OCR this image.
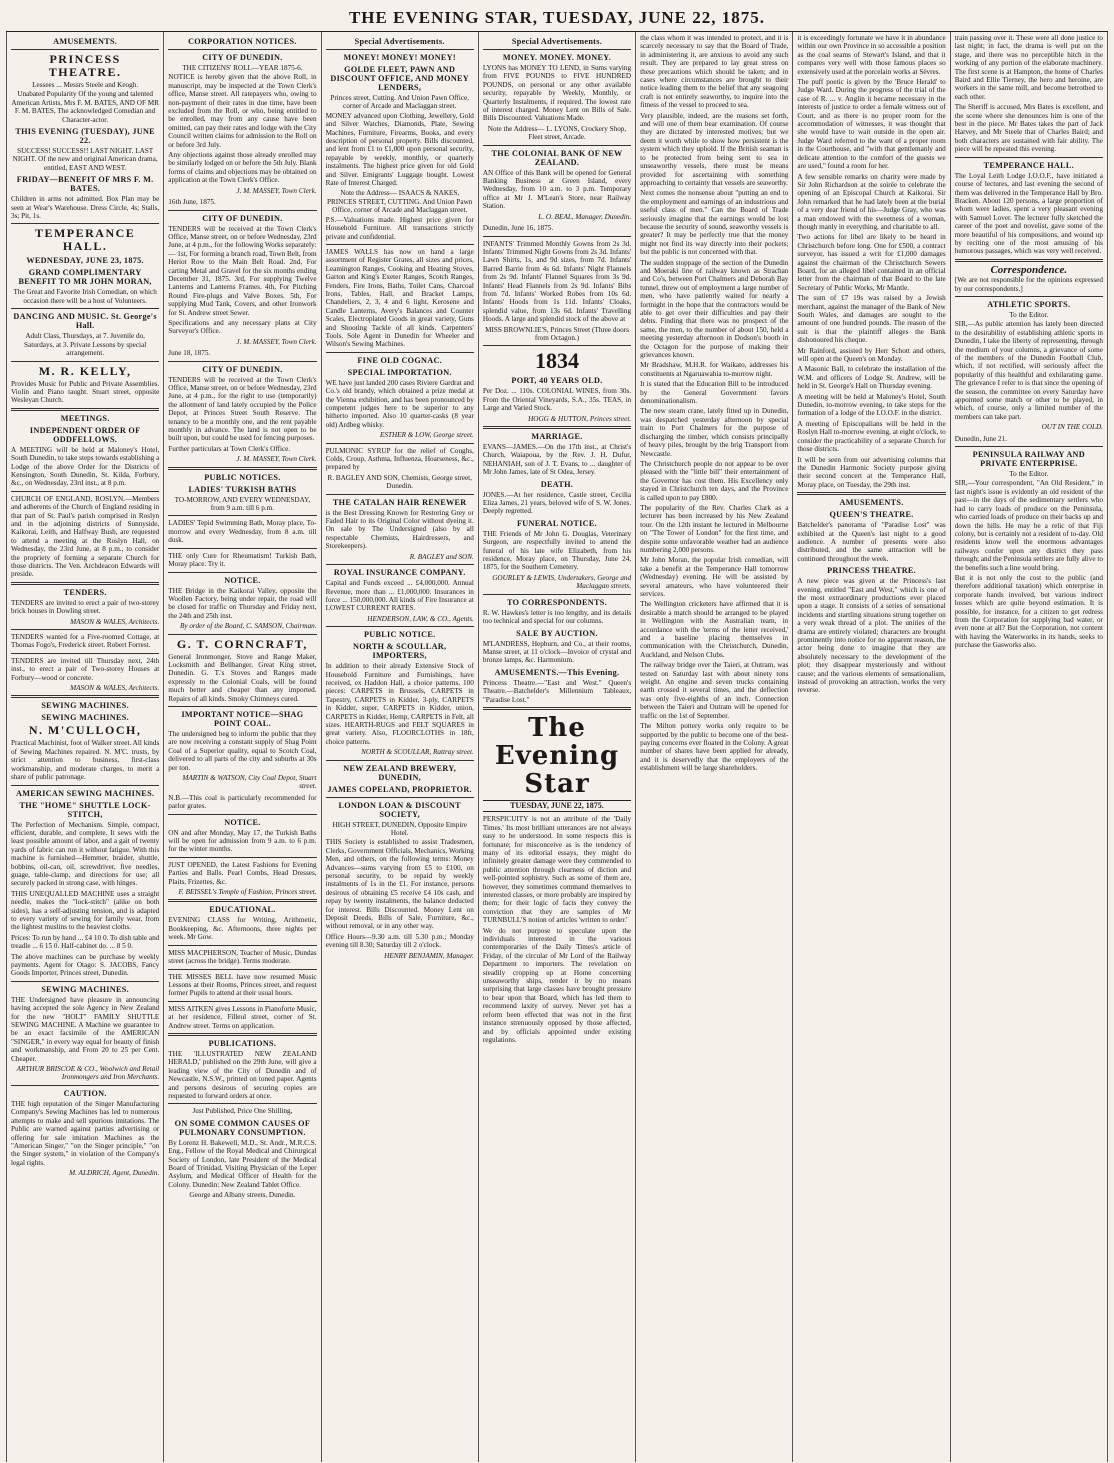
THE EVENING STAR, TUESDAY, JUNE 22, 1875.
AMUSEMENTS.
PRINCESS THEATRE.
Lessees ... Messrs Steele and Keogh.
Unabated Popularity Of the young and talented American Artists, Mrs F. M. BATES, AND OF MR F. M. BATES, The acknowledged Comedian and Character-actor.
THIS EVENING (TUESDAY), JUNE 22.
SUCCESS! SUCCESS!! LAST NIGHT. LAST NIGHT. Of the new and original American drama, entitled, EAST AND WEST.
FRIDAY—BENEFIT OF MRS F. M. BATES.

Children in arms not admitted. Box Plan may be seen at Wear's Warehouse. Dress Circle, 4s; Stalls, 3s; Pit, 1s.

TEMPERANCE HALL.
WEDNESDAY, JUNE 23, 1875.
GRAND COMPLIMENTARY BENEFIT TO MR JOHN MORAN,
The Great and Favorite Irish Comedian, on which occasion there will be a host of Volunteers.
DANCING AND MUSIC. St. George's Hall.
Adult Class, Thursdays, at 7. Juvenile do, Saturdays, at 3. Private Lessons by special arrangement.
M. R. KELLY,

Provides Music for Public and Private Assemblies. Violin and Piano taught. Stuart street, opposite Wesleyan Church.

MEETINGS.
INDEPENDENT ORDER OF ODDFELLOWS.

A MEETING will be held at Maloney's Hotel, South Dunedin, to take steps towards establishing a Lodge of the above Order for the Districts of Kensington, South Dunedin, St. Kilda, Forbury, &c., on Wednesday, 23rd inst., at 8 p.m.

CHURCH OF ENGLAND, ROSLYN.—Members and adherents of the Church of England residing in that part of St. Paul's parish comprised in Roslyn and in the adjoining districts of Sunnyside, Kaikorai, Leith, and Halfway Bush, are requested to attend a meeting at the Roslyn Hall, on Wednesday, the 23rd June, at 8 p.m., to consider the propriety of forming a separate Church for those districts. The Ven. Archdeacon Edwards will preside.

TENDERS.

TENDERS are invited to erect a pair of two-storey brick houses in Dowling street.

MASON & WALES, Architects.

TENDERS wanted for a Five-roomed Cottage, at Thomas Fogo's, Frederick street. Robert Forrest.

TENDERS are invited till Thursday next, 24th inst., to erect a pair of Two-storey Houses at Forbury—wood or concrete.

MASON & WALES, Architects.
SEWING MACHINES.
SEWING MACHINES.
N. M'CULLOCH,

Practical Machinist, foot of Walker street. All kinds of Sewing Machines repaired. N. M'C. trusts, by strict attention to business, first-class workmanship, and moderate charges, to merit a share of public patronage.

AMERICAN SEWING MACHINES.
THE "HOME" SHUTTLE LOCK-STITCH,

The Perfection of Mechanism. Simple, compact, efficient, durable, and complete. It sews with the least possible amount of labor, and a gait of twenty yards of fabric can run it without fatigue. With this machine is furnished—Hemmer, braider, shuttle, bobbins, oil-can, oil, screwdriver, five needles, guage, table-clamp, and directions for use; all securely packed in strong case, with hinges.

THIS UNEQUALLED MACHINE uses a straight needle, makes the "lock-stitch" (alike on both sides), has a self-adjusting tension, and is adapted to every variety of sewing for family wear, from the lightest muslins to the heaviest cloths.

Prices: To run by hand ... £4 10 0. To dish table and treadle ... 6 15 0. Half-cabinet do. ... 8 5 0.

The above machines can be purchase by weekly payments. Agent for Otago: S. JACOBS, Fancy Goods Importer, Princes street, Dunedin.

SEWING MACHINES.

THE Undersigned have pleasure in announcing having accepted the sole Agency in New Zealand for the new "HOLT" FAMILY SHUTTLE SEWING MACHINE. A Machine we guarantee to be an exact facsimile of the AMERICAN "SINGER," in every way equal for beauty of finish and workmanship, and From 20 to 25 per Cent. Cheaper.

ARTHUR BRISCOE & CO., Woolwich and Retail Ironmongers and Iron Merchants.
CAUTION.

THE high reputation of the Singer Manufacturing Company's Sewing Machines has led to numerous attempts to make and sell spurious imitations. The Public are warned against parties advertising or offering for sale imitation Machines as the "American Singer," "on the Singer principle," "on the Singer system," in violation of the Company's legal rights.

M. ALDRICH, Agent, Dunedin.
CORPORATION NOTICES.
CITY OF DUNEDIN.
THE CITIZENS' ROLL—YEAR 1875-6.

NOTICE is hereby given that the above Roll, in manuscript, may be inspected at the Town Clerk's office, Manse street. All ratepayers who, owing to non-payment of their rates in due time, have been excluded from the Roll, or who, being entitled to be enrolled, may from any cause have been omitted, can pay their rates and lodge with the City Council written claims for admission to the Roll on or before 3rd July.

Any objections against those already enrolled may be similarly lodged on or before the 5th July. Blank forms of claims and objections may be obtained on application at the Town Clerk's Office.

J. M. MASSEY, Town Clerk.

16th June, 1875.

CITY OF DUNEDIN.

TENDERS will be received at the Town Clerk's Office, Manse street, on or before Wednesday, 23rd June, at 4 p.m., for the following Works separately:— 1st, For forming a branch road, Town Belt, from Heriot Row to the Main Belt Road. 2nd, For carting Metal and Gravel for the six months ending December 31, 1875. 3rd, For supplying Twelve Lanterns and Lanterns Frames. 4th, For Pitching Round Fire-plugs and Valve Boxes. 5th, For supplying Mud Tank, Covers, and other Ironwork for St. Andrew street Sewer.

Specifications and any necessary plans at City Surveyor's Office.

J. M. MASSEY, Town Clerk.

June 18, 1875.

CITY OF DUNEDIN.

TENDERS will be received at the Town Clerk's Office, Manse street, on or before Wednesday, 23rd June, at 4 p.m., for the right to use (temporarily) the allotment of land lately occupied by the Police Depot, at Princes Street South Reserve. The tenancy to be a monthly one, and the rent payable monthly in advance. The land is not open to be built upon, but could be used for fencing purposes.

Further particulars at Town Clerk's Office.

J. M. MASSEY, Town Clerk.
PUBLIC NOTICES.
LADIES' TURKISH BATHS
TO-MORROW, AND EVERY WEDNESDAY, from 9 a.m. till 6 p.m.

LADIES' Tepid Swimming Bath, Moray place, To-morrow and every Wednesday, from 8 a.m. till dusk.

THE only Cure for Rheumatism! Turkish Bath, Moray place. Try it.

NOTICE.

THE Bridge in the Kaikorai Valley, opposite the Woollen Factory, being under repair, the road will be closed for traffic on Thursday and Friday next, the 24th and 25th inst.

By order of the Board, C. SAMSON, Chairman.
G. T. CORNCRAFT,

General Ironmonger, Stove and Range Maker, Locksmith and Bellhanger, Great King street, Dunedin. G. T.'s Stoves and Ranges made expressly to the Colonial Coals, will be found much better and cheaper than any imported. Repairs of all kinds. Smoky Chimneys cured.

IMPORTANT NOTICE—SHAG POINT COAL.

The undersigned beg to inform the public that they are now receiving a constant supply of Shag Point Coal of a Superior quality, equal to Scotch Coal, delivered to all parts of the city and suburbs at 30s per ton.

MARTIN & WATSON, City Coal Depot, Stuart street.

N.B.—This coal is particularly recommended for parlor grates.

NOTICE.

ON and after Monday, May 17, the Turkish Baths will be open for admission from 9 a.m. to 6 p.m. for the winter months.

JUST OPENED, the Latest Fashions for Evening Parties and Balls. Pearl Combs, Head Dresses, Plaits, Frizettes, &c.

F. BEISSEL's Temple of Fashion, Princes street.
EDUCATIONAL.

EVENING CLASS for Writing, Arithmetic, Bookkeeping, &c. Afternoons, three nights per week. Mr Gow.

MISS MACPHERSON, Teacher of Music, Dundas street (across the bridge). Terms moderate.

THE MISSES BELL have now resumed Music Lessons at their Rooms, Princes street, and request former Pupils to attend at their usual hours.

MISS AITKEN gives Lessons in Pianoforte Music, at her residence, Filleul street, corner of St. Andrew street. Terms on application.

PUBLICATIONS.

THE 'ILLUSTRATED NEW ZEALAND HERALD,' published on the 29th June, will give a leading view of the City of Dunedin and of Newcastle, N.S.W., printed on toned paper. Agents and persons desirous of securing copies are requested to forward orders at once.

Just Published, Price One Shilling,
ON SOME COMMON CAUSES OF PULMONARY CONSUMPTION.

By Lorenz H. Bakewell, M.D., St. Andr., M.R.C.S. Eng., Fellow of the Royal Medical and Chirurgical Society of London, late President of the Medical Board of Trinidad, Visiting Physician of the Leper Asylum, and Medical Officer of Health for the Colony. Dunedin: New Zealand Tablet Office.

George and Albany streets, Dunedin.
Special Advertisements.
MONEY! MONEY! MONEY!
GOLDE FLEET, PAWN AND DISCOUNT OFFICE, AND MONEY LENDERS,
Princes street, Cutting. And Union Pawn Office, corner of Arcade and Maclaggan street.

MONEY advanced upon Clothing, Jewellery, Gold and Silver Watches, Diamonds, Plate, Sewing Machines, Furniture, Firearms, Books, and every description of personal property. Bills discounted, and lent from £1 to £1,000 upon personal security, repayable by weekly, monthly, or quarterly instalments. The highest price given for old Gold and Silver. Emigrants' Luggage bought. Lowest Rate of Interest Charged.

Note the Address— ISAACS & NAKES, PRINCES STREET, CUTTING. And Union Pawn Office, corner of Arcade and Maclaggan street.

P.S.—Valuations made. Highest price given for Household Furniture. All transactions strictly private and confidential.

JAMES WALLS has now on hand a large assortment of Register Grates, all sizes and prices, Leamington Ranges, Cooking and Heating Stoves, Garton and King's Exeter Ranges, Scotch Ranges, Fenders, Fire Irons, Baths, Toilet Cans, Charcoal Irons, Tables, Hall, and Bracket Lamps, Chandeliers, 2, 3, 4 and 6 light, Kerosene and Candle Lanterns, Avery's Balances and Counter Scales, Electroplated Goods in great variety, Guns and Shooting Tackle of all kinds. Carpenters' Tools. Sole Agent in Dunedin for Wheeler and Wilson's Sewing Machines.

FINE OLD COGNAC.
SPECIAL IMPORTATION.

WE have just landed 200 cases Riviere Gardrat and Co.'s old brandy, which obtained a prize medal at the Vienna exhibition, and has been pronounced by competent judges here to be superior to any hitherto imported. Also 10 quarter-casks (8 year old) Ardbeg whisky.

ESTHER & LOW, George street.

PULMONIC SYRUP for the relief of Coughs, Colds, Croup, Asthma, Influenza, Hoarseness, &c., prepared by

R. BAGLEY AND SON, Chemists, George street, Dunedin.
THE CATALAN HAIR RENEWER

is the Best Dressing Known for Restoring Grey or Faded Hair to its Original Color without dyeing it. On sale by The Undersigned (also by all respectable Chemists, Hairdressers, and Storekeepers).

R. BAGLEY and SON.
ROYAL INSURANCE COMPANY.

Capital and Funds exceed ... £4,000,000. Annual Revenue, more than ... £1,000,000. Insurances in force ... 150,000,000. All kinds of Fire Insurance at LOWEST CURRENT RATES.

HENDERSON, LAW, & CO., Agents.
PUBLIC NOTICE.
NORTH & SCOULLAR, IMPORTERS,

In addition to their already Extensive Stock of Household Furniture and Furnishings, have received, ex Haddon Hall, a choice patterns, 100 pieces: CARPETS in Brussels, CARPETS in Tapestry, CARPETS in Kidder, 3-ply, CARPETS in Kidder, super, CARPETS in Kidder, union, CARPETS in Kidder, Hemp, CARPETS in Felt, all sizes. HEARTH-RUGS and FELT SQUARES in great variety. Also, FLOORCLOTHS in 18ft, choice patterns.

NORTH & SCOULLAR, Rattray street.
NEW ZEALAND BREWERY, DUNEDIN,
JAMES COPELAND, PROPRIETOR.
LONDON LOAN & DISCOUNT SOCIETY,
HIGH STREET, DUNEDIN, Opposite Empire Hotel.

THIS Society is established to assist Tradesmen, Clerks, Government Officials, Mechanics, Working Men, and others, on the following terms: Money Advances—sums varying from £5 to £100, on personal security, to be repaid by weekly instalments of 1s in the £1. For instance, persons desirous of obtaining £5 receive £4 10s cash, and repay by twenty instalments, the balance deducted for interest. Bills Discounted. Money Lent on Deposit Deeds, Bills of Sale, Furniture, &c., without removal, or in any other way.

Office Hours—9.30 a.m. till 5.30 p.m.; Monday evening till 8.30; Saturday till 2 o'clock.

HENRY BENJAMIN, Manager.
Special Advertisements.
MONEY. MONEY. MONEY.

LYONS has MONEY TO LEND, in Sums varying from FIVE POUNDS to FIVE HUNDRED POUNDS, on personal or any other available security, repayable by Weekly, Monthly, or Quarterly Instalments, if required. The lowest rate of interest charged. Money Lent on Bills of Sale. Bills Discounted. Valuations Made.

Note the Address— L. LYONS, Crockery Shop, Fleet street, Arcade.
THE COLONIAL BANK OF NEW ZEALAND.

AN Office of this Bank will be opened for General Banking Business at Green Island, every Wednesday, from 10 a.m. to 3 p.m. Temporary office at Mr J. M'Lean's Store, near Railway Station.

L. O. BEAL, Manager, Dunedin.

Dunedin, June 16, 1875.

INFANTS' Trimmed Monthly Gowns from 2s 3d. Infants' Trimmed Night Gowns from 2s 3d. Infants' Lawn Shirts, 1s, and 9d sizes, from 7d. Infants' Barred Barrie from 4s 6d. Infants' Night Flannels from 2s 9d. Infants' Flannel Squares from 3s 9d. Infants' Head Flannels from 2s 9d. Infants' Bibs from 7d. Infants' Worked Robes from 10s 6d. Infants' Hoods from 1s 11d. Infants' Cloaks, splendid value, from 13s 6d. Infants' Travelling Hoods. A large and splendid stock of the above at

MISS BROWNLIE'S, Princes Street (Three doors from Octagon.)
1834
PORT, 40 YEARS OLD.

Per Doz. ... 110s. COLONIAL WINES, from 30s. From the Oriental Vineyards, S.A., 35s. TEAS, in Large and Varied Stock.

HOGG & HUTTON, Princes street.
MARRIAGE.

EVANS—JAMES.—On the 17th inst., at Christ's Church, Waiapoua, by the Rev. J. H. Dufur, NEHANIAH, son of J. T. Evans, to ... daughter of Mr John James, late of St Odea, Jersey.

DEATH.

JONES.—At her residence, Castle street, Cecilia Eliza James, 21 years, beloved wife of S. W. Jones. Deeply regretted.

FUNERAL NOTICE.

THE Friends of Mr John G. Douglas, Veterinary Surgeon, are respectfully invited to attend the funeral of his late wife Elizabeth, from his residence, Moray place, on Thursday, June 24, 1875, for the Southern Cemetery.

GOURLEY & LEWIS, Undertakers, George and Maclaggan streets.
TO CORRESPONDENTS.

R. W. Hawkes's letter is too lengthy, and its details too technical and special for our columns.

SALE BY AUCTION.

M'LANDRESS, Hepburn, and Co., at their rooms, Manse street, at 11 o'clock—Invoice of crystal and bronze lamps, &c. Harmonium.

AMUSEMENTS.—This Evening.

Princess Theatre.—"East and West." Queen's Theatre.—Batchelder's Millennium Tableaux, "Paradise Lost."

The Evening Star
TUESDAY, JUNE 22, 1875.

PERSPICUITY is not an attribute of the 'Daily Times.' Its most brilliant utterances are not always easy to be understood. In some respects this is fortunate; for misconceive as is the tendency of many of its editorial essays, they might do infinitely greater damage were they commended to public attention through clearness of diction and well-pointed sophistry. Such as some of them are, however, they sometimes command themselves to interested classes, or more probably are inspired by them; for their logic of facts they convey the conviction that they are samples of Mr TURNBULL'S notion of articles 'written to order.'

We do not purpose to speculate upon the individuals interested in the various contemporaries of the Daily Times's article of Friday, of the circular of Mr Lord of the Railway Department to importers. The revelation on steadily cropping up at Home concerning unseaworthy ships, render it by no means surprising that large classes have brought pressure to bear upon that Board, which has led them to recommend laxity of survey. Never yet has a reform been effected that was not in the first instance strenuously opposed by those affected, and by officials appointed under existing regulations.

the class whom it was intended to protect, and it is scarcely necessary to say that the Board of Trade, in administering it, are anxious to avoid any such result. They are prepared to lay great stress on these precautions which should be taken; and in cases where circumstances are brought to their notice leading them to the belief that any seagoing craft is not entirely seaworthy, to inquire into the fitness of the vessel to proceed to sea.

Very plausible, indeed, are the reasons set forth, and will one of them bear examination. Of course they are dictated by interested motives; but we deem it worth while to show how persistent is the system which they uphold. If the British seaman is to be protected from being sent to sea in unseaworthy vessels, there must be means provided for ascertaining with something approaching to certainty that vessels are seaworthy.

Next comes the nonsense about "putting an end to the employment and earnings of an industrious and useful class of men." Can the Board of Trade seriously imagine that the earnings would be lost because the security of sound, seaworthy vessels is greater? It may be perfectly true that the money might not find its way directly into their pockets; but the public is not concerned with that.

The sudden stoppage of the section of the Dunedin and Moeraki line of railway known as Strachan and Co's, between Port Chalmers and Deborah Bay tunnel, threw out of employment a large number of men, who have patiently waited for nearly a fortnight in the hope that the contractors would be able to get over their difficulties and pay their debts. Finding that there was no prospect of the same, the men, to the number of about 150, held a meeting yesterday afternoon in Dodson's booth in the Octagon for the purpose of making their grievances known.

Mr Bradshaw, M.H.R. for Waikato, addresses his constituents at Ngaruawahia to-morrow night.

It is stated that the Education Bill to be introduced by the General Government favors denominationalism.

The new steam crane, lately fitted up in Dunedin, was despatched yesterday afternoon by special train to Port Chalmers for the purpose of discharging the timber, which consists principally of heavy piles, brought by the brig Transport from Newcastle.

The Christchurch people do not appear to be over pleased with the "little bill" their entertainment of the Governor has cost them. His Excellency only stayed in Christchurch ten days, and the Province is called upon to pay £800.

The popularity of the Rev. Charles Clark as a lecturer has been increased by his New Zealand tour. On the 12th instant he lectured in Melbourne on "The Tower of London" for the first time, and despite some unfavorable weather had an audience numbering 2,000 persons.

Mr John Moran, the popular Irish comedian, will take a benefit at the Temperance Hall tomorrow (Wednesday) evening. He will be assisted by several amateurs, who have volunteered their services.

The Wellington cricketers have affirmed that it is desirable a match should be arranged to be played in Wellington with the Australian team, in accordance with the 'terms of the letter received,' and a baseline placing themselves in communication with the Christchurch, Dunedin, Auckland, and Nelson Clubs.

The railway bridge over the Taieri, at Outram, was tested on Saturday last with about ninety tons weight. An engine and seven trucks containing earth crossed it several times, and the deflection was only five-eighths of an inch. Connection between the Taieri and Outram will be opened for traffic on the 1st of September.

The Milton pottery works only require to be supported by the public to become one of the best-paying concerns ever floated in the Colony. A great number of shares have been applied for already, and it is deservedly that the employers of the establishment will be large shareholders.

it is exceedingly fortunate we have it in abundance within our own Province in so accessible a position as the coal seams of Stewart's Island, and that it compares very well with those famous places so extensively used at the porcelain works at Sèvres.

The puff poetic is given by the 'Bruce Herald' to Judge Ward. During the progress of the trial of the case of R. ... v. Anglin it became necessary in the interests of justice to order a female witness out of Court, and as there is no proper room for the accommodation of witnesses, it was thought that she would have to wait outside in the open air. Judge Ward referred to the want of a proper room in the Courthouse, and "with that gentlemanly and delicate attention to the comfort of the guests we are used," found a room for her.

A few sensible remarks on charity were made by Sir John Richardson at the soirée to celebrate the opening of an Episcopal Church at Kaikorai. Sir John remarked that he had lately been at the burial of a very dear friend of his—Judge Gray, who was a man endowed with the sweetness of a woman, though manly in everything, and charitable to all.

Two actions for libel are likely to be heard in Christchurch before long. One for £500, a contract surveyor, has issued a writ for £1,000 damages against the chairman of the Christchurch Sewers Board, for an alleged libel contained in an official letter from the chairman of that Board to the late Secretary of Public Works, Mr Mantle.

The sum of £7 19s was raised by a Jewish merchant, against the manager of the Bank of New South Wales, and damages are sought to the amount of one hundred pounds. The reason of the suit is that the plaintiff alleges the Bank dishonoured his cheque.

Mr Rainford, assisted by Herr Schott and others, will open at the Queen's on Monday.

A Masonic Ball, to celebrate the installation of the W.M. and officers of Lodge St. Andrew, will be held in St. George's Hall on Thursday evening.

A meeting will be held at Maloney's Hotel, South Dunedin, to-morrow evening, to take steps for the formation of a lodge of the I.O.O.F. in the district.

A meeting of Episcopalians will be held in the Roslyn Hall to-morrow evening, at eight o'clock, to consider the practicability of a separate Church for those districts.

It will be seen from our advertising columns that the Dunedin Harmonic Society purpose giving their second concert at the Temperance Hall, Moray place, on Tuesday, the 29th inst.

AMUSEMENTS.
QUEEN'S THEATRE.

Batchelder's panorama of "Paradise Lost" was exhibited at the Queen's last night to a good audience. A number of presents were also distributed, and the same attraction will be continued throughout the week.

PRINCESS THEATRE.

A new piece was given at the Princess's last evening, entitled "East and West," which is one of the most extraordinary productions ever placed upon a stage. It consists of a series of sensational incidents and startling situations strung together on a very weak thread of a plot. The unities of the drama are entirely violated; characters are brought prominently into notice for no apparent reason, the actor being done to imagine that they are absolutely necessary to the development of the plot; they disappear mysteriously and without cause; and the various elements of sensationalism, instead of provoking an attraction, works the very reverse.

train passing over it. These were all done justice to last night; in fact, the drama is well put on the stage, and there was no perceptible hitch in the working of any portion of the elaborate machinery. The first scene is at Hampton, the home of Charles Baird and Ellie Tierney, the hero and heroine, are workers in the same mill, and become betrothed to each other.

The Sheriff is accused, Mrs Bates is excellent, and the scene where she denounces him is one of the best in the piece. Mr Bates takes the part of Jack Harvey, and Mr Steele that of Charles Baird; and both characters are sustained with fair ability. The piece will be repeated this evening.

TEMPERANCE HALL.

The Loyal Leith Lodge I.O.O.F., have initiated a course of lectures, and last evening the second of them was delivered in the Temperance Hall by Bro. Bracken. About 120 persons, a large proportion of whom were ladies, spent a very pleasant evening with Samuel Lover. The lecturer fully sketched the career of the poet and novelist, gave some of the more beautiful of his compositions, and wound up by reciting one of the most amusing of his humorous passages, which was very well received.

Correspondence.

[We are not responsible for the opinions expressed by our correspondents.]

ATHLETIC SPORTS.
To the Editor.

SIR,—As public attention has lately been directed to the desirability of establishing athletic sports in Dunedin, I take the liberty of representing, through the medium of your columns, a grievance of some of the members of the Dunedin Football Club, which, if not rectified, will seriously affect the popularity of this healthful and exhilarating game. The grievance I refer to is that since the opening of the season, the committee on every Saturday have appointed some match or other to be played, in which, of course, only a limited number of the members can take part.

OUT IN THE COLD.

Dunedin, June 21.

PENINSULA RAILWAY AND PRIVATE ENTERPRISE.
To the Editor.

SIR,—Your correspondent, "An Old Resident," in last night's issue is evidently an old resident of the past—in the days of the sedimentary settlers who had to carry loads of produce on the Peninsula, who carried loads of produce on their backs up and down the hills. He may be a relic of that Fiji colony, but is certainly not a resident of to-day. Old residents know well the enormous advantages railways confer upon any district they pass through; and the Peninsula settlers are fully alive to the benefits such a line would bring.

But it is not only the cost to the public (and therefore additional taxation) which enterprise in corporate hands involved, but various indirect losses which are quite beyond estimation. It is possible, for instance, for a citizen to get redress from the Corporation for supplying bad water, or even none at all? But the Corporation, not content with having the Waterworks in its hands, seeks to purchase the Gasworks also.
